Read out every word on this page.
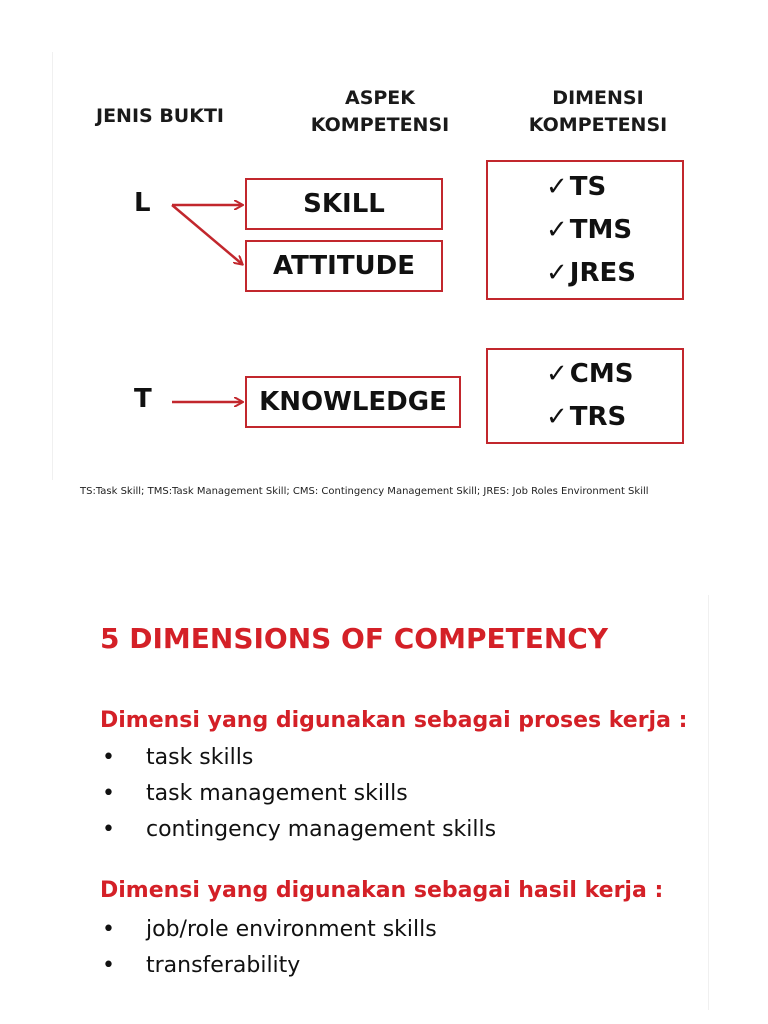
JENIS BUKTI
ASPEK
KOMPETENSI
DIMENSI
KOMPETENSI
L
T
SKILL
ATTITUDE
KNOWLEDGE
✓TS
✓TMS
✓JRES
✓CMS
✓TRS
TS:Task Skill; TMS:Task Management Skill; CMS: Contingency Management Skill; JRES: Job Roles Environment Skill
5 DIMENSIONS OF COMPETENCY
Dimensi yang digunakan sebagai proses kerja :
• task skills
• task management skills
• contingency management skills
Dimensi yang digunakan sebagai hasil kerja :
• job/role environment skills
• transferability
